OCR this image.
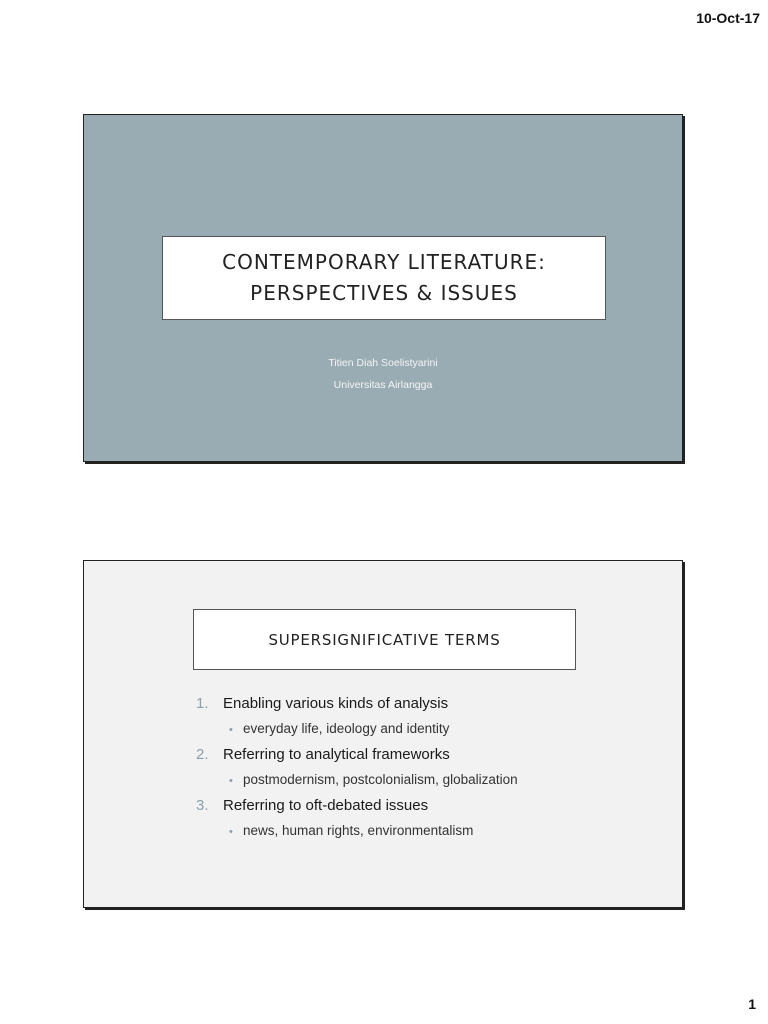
10-Oct-17
CONTEMPORARY LITERATURE:
PERSPECTIVES & ISSUES
Titien Diah Soelistyarini
Universitas Airlangga
SUPERSIGNIFICATIVE TERMS
1. Enabling various kinds of analysis
• everyday life, ideology and identity
2. Referring to analytical frameworks
• postmodernism, postcolonialism, globalization
3. Referring to oft-debated issues
• news, human rights, environmentalism
1
